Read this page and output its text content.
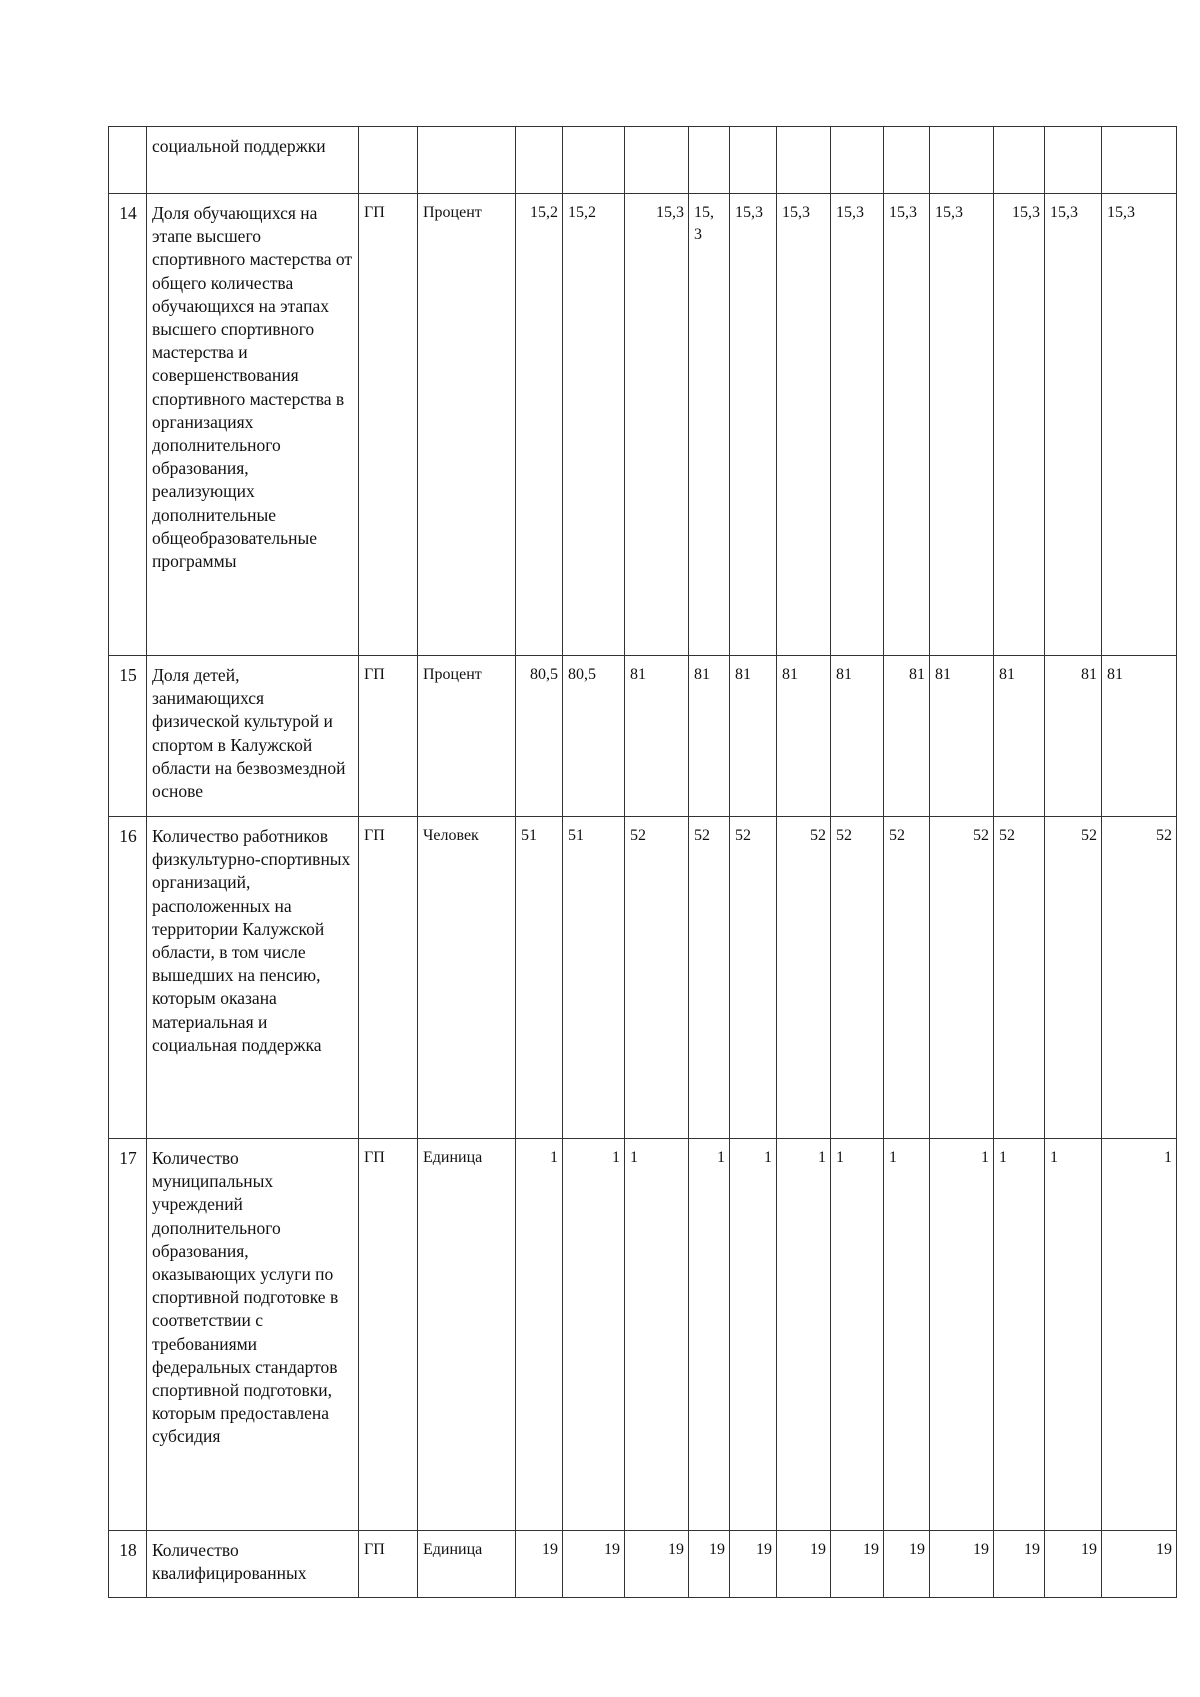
	социальной поддержки														
14	Доля обучающихся на этапе высшего спортивного мастерства от общего количества обучающихся на этапах высшего спортивного мастерства и совершенствования спортивного мастерства в организациях дополнительного образования, реализующих дополнительные общеобразовательные программы	ГП	Процент	15,2	15,2	15,3	15, 3	15,3	15,3	15,3	15,3	15,3	15,3	15,3	15,3
15	Доля детей, занимающихся физической культурой и спортом в Калужской области на безвозмездной основе	ГП	Процент	80,5	80,5	81	81	81	81	81	81	81	81	81	81
16	Количество работников физкультурно-спортивных организаций, расположенных на территории Калужской области, в том числе вышедших на пенсию, которым оказана материальная и социальная поддержка	ГП	Человек	51	51	52	52	52	52	52	52	52	52	52	52
17	Количество муниципальных учреждений дополнительного образования, оказывающих услуги по спортивной подготовке в соответствии с требованиями федеральных стандартов спортивной подготовки, которым предоставлена субсидия	ГП	Единица	1	1	1	1	1	1	1	1	1	1	1	1
18	Количество квалифицированных	ГП	Единица	19	19	19	19	19	19	19	19	19	19	19	19
